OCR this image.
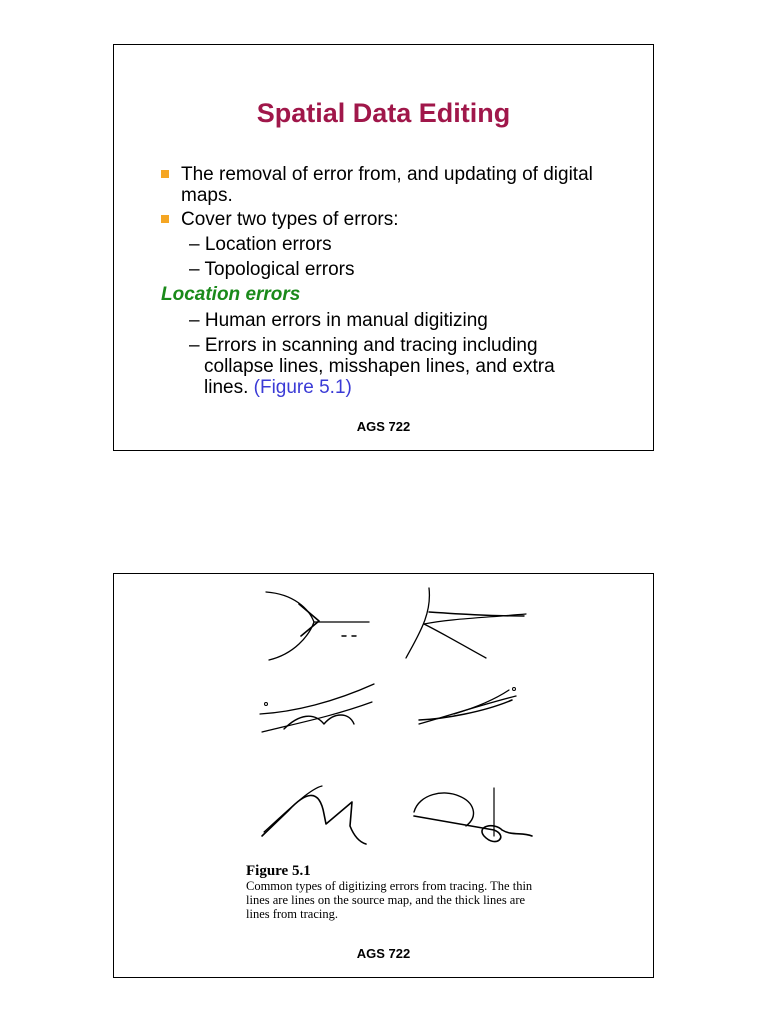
Spatial Data Editing
The removal of error from, and updating of digital maps.
Cover two types of errors:
– Location errors
– Topological errors
Location errors
– Human errors in manual digitizing
– Errors in scanning and tracing including
collapse lines, misshapen lines, and extra
lines. (Figure 5.1)
AGS 722
Figure 5.1
Common types of digitizing errors from tracing. The thin lines are lines on the source map, and the thick lines are lines from tracing.
AGS 722
